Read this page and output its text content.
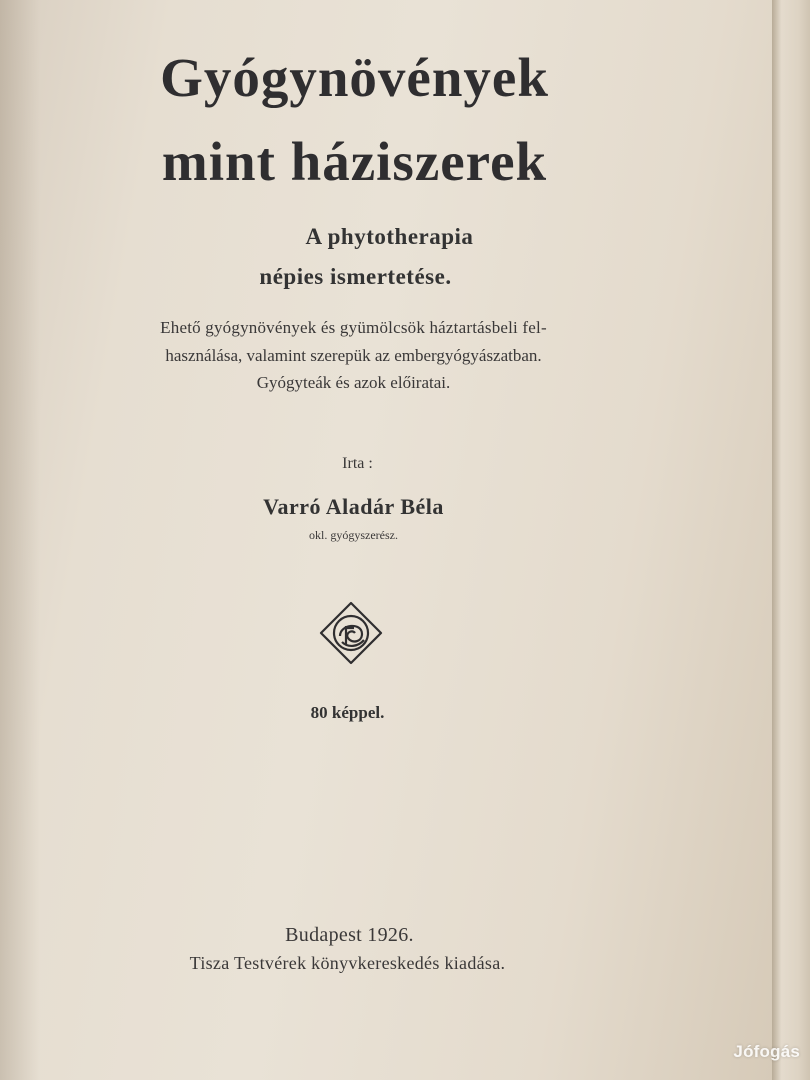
Gyógynövények
mint háziszerek
A phytotherapia
népies ismertetése.
Ehető gyógynövények és gyümölcsök háztartásbeli fel-
használása, valamint szerepük az embergyógyászatban.
Gyógyteák és azok előiratai.
Irta :
Varró Aladár Béla
okl. gyógyszerész.
80 képpel.
Budapest 1926.
Tisza Testvérek könyvkereskedés kiadása.
Jófogás
